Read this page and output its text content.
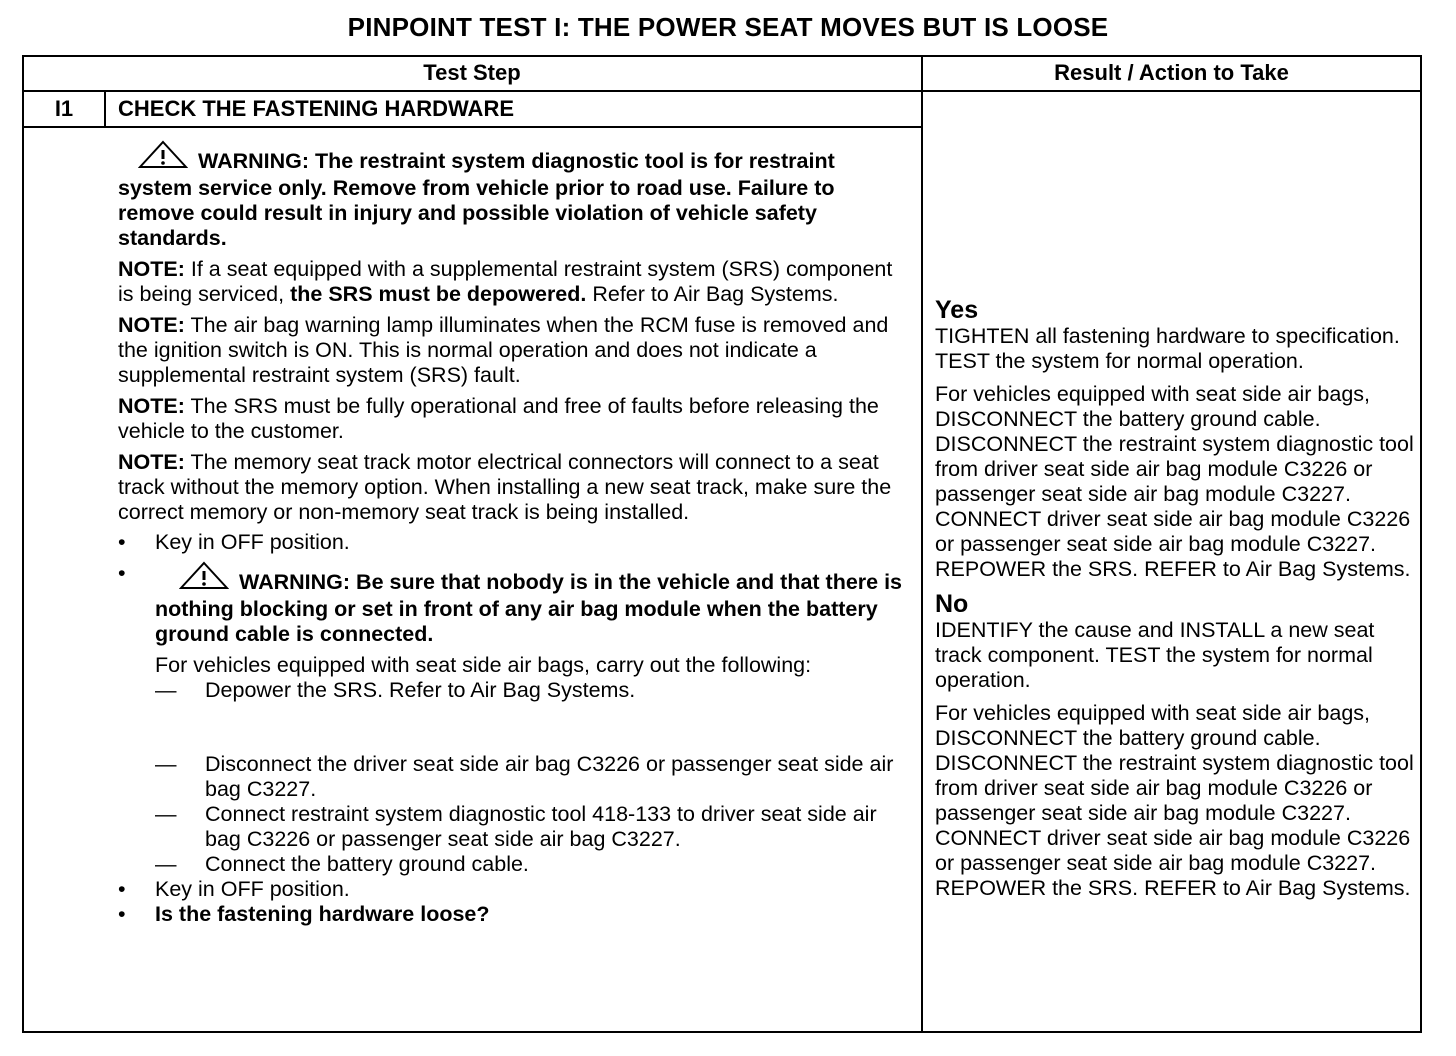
PINPOINT TEST I: THE POWER SEAT MOVES BUT IS LOOSE
Test Step	Result / Action to Take
I1	CHECK THE FASTENING HARDWARE

WARNING: The restraint system diagnostic tool is for restraint system service only. Remove from vehicle prior to road use. Failure to remove could result in injury and possible violation of vehicle safety standards.

NOTE: If a seat equipped with a supplemental restraint system (SRS) component is being serviced, the SRS must be depowered. Refer to Air Bag Systems.

NOTE: The air bag warning lamp illuminates when the RCM fuse is removed and the ignition switch is ON. This is normal operation and does not indicate a supplemental restraint system (SRS) fault.

NOTE: The SRS must be fully operational and free of faults before releasing the vehicle to the customer.

NOTE: The memory seat track motor electrical connectors will connect to a seat track without the memory option. When installing a new seat track, make sure the correct memory or non-memory seat track is being installed.

•	Key in OFF position.

•	WARNING: Be sure that nobody is in the vehicle and that there is nothing blocking or set in front of any air bag module when the battery ground cable is connected.

For vehicles equipped with seat side air bags, carry out the following:

—	Depower the SRS. Refer to Air Bag Systems.

—	Disconnect the driver seat side air bag C3226 or passenger seat side air bag C3227.

—	Connect restraint system diagnostic tool 418-133 to driver seat side air bag C3226 or passenger seat side air bag C3227.

—	Connect the battery ground cable.

•	Key in OFF position.

•	Is the fastening hardware loose?

Yes

TIGHTEN all fastening hardware to specification. TEST the system for normal operation.

For vehicles equipped with seat side air bags, DISCONNECT the battery ground cable. DISCONNECT the restraint system diagnostic tool from driver seat side air bag module C3226 or passenger seat side air bag module C3227. CONNECT driver seat side air bag module C3226 or passenger seat side air bag module C3227. REPOWER the SRS. REFER to Air Bag Systems.

No

IDENTIFY the cause and INSTALL a new seat track component. TEST the system for normal operation.

For vehicles equipped with seat side air bags, DISCONNECT the battery ground cable. DISCONNECT the restraint system diagnostic tool from driver seat side air bag module C3226 or passenger seat side air bag module C3227. CONNECT driver seat side air bag module C3226 or passenger seat side air bag module C3227. REPOWER the SRS. REFER to Air Bag Systems.
